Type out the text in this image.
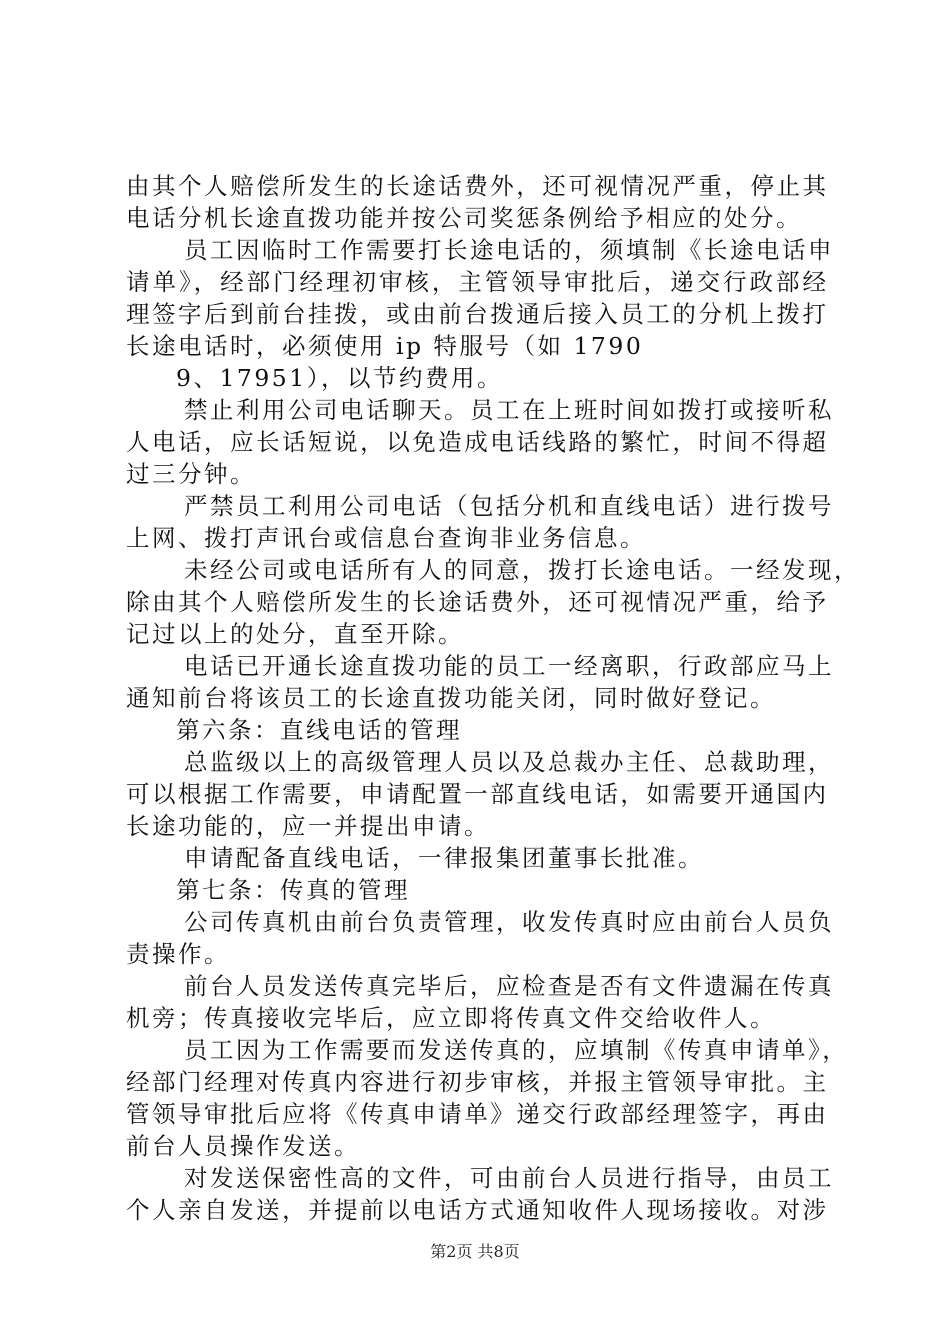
由其个人赔偿所发生的长途话费外，还可视情况严重，停止其
电话分机长途直拨功能并按公司奖惩条例给予相应的处分。
员工因临时工作需要打长途电话的，须填制《长途电话申
请单》，经部门经理初审核，主管领导审批后，递交行政部经
理签字后到前台挂拨，或由前台拨通后接入员工的分机上拨打
长途电话时，必须使用 ip 特服号（如 1790
9、17951），以节约费用。
禁止利用公司电话聊天。员工在上班时间如拨打或接听私
人电话，应长话短说，以免造成电话线路的繁忙，时间不得超
过三分钟。
严禁员工利用公司电话（包括分机和直线电话）进行拨号
上网、拨打声讯台或信息台查询非业务信息。
未经公司或电话所有人的同意，拨打长途电话。一经发现，
除由其个人赔偿所发生的长途话费外，还可视情况严重，给予
记过以上的处分，直至开除。
电话已开通长途直拨功能的员工一经离职，行政部应马上
通知前台将该员工的长途直拨功能关闭，同时做好登记。
第六条：直线电话的管理
总监级以上的高级管理人员以及总裁办主任、总裁助理，
可以根据工作需要，申请配置一部直线电话，如需要开通国内
长途功能的，应一并提出申请。
申请配备直线电话，一律报集团董事长批准。
第七条：传真的管理
公司传真机由前台负责管理，收发传真时应由前台人员负
责操作。
前台人员发送传真完毕后，应检查是否有文件遗漏在传真
机旁；传真接收完毕后，应立即将传真文件交给收件人。
员工因为工作需要而发送传真的，应填制《传真申请单》，
经部门经理对传真内容进行初步审核，并报主管领导审批。主
管领导审批后应将《传真申请单》递交行政部经理签字，再由
前台人员操作发送。
对发送保密性高的文件，可由前台人员进行指导，由员工
个人亲自发送，并提前以电话方式通知收件人现场接收。对涉
第2页 共8页
